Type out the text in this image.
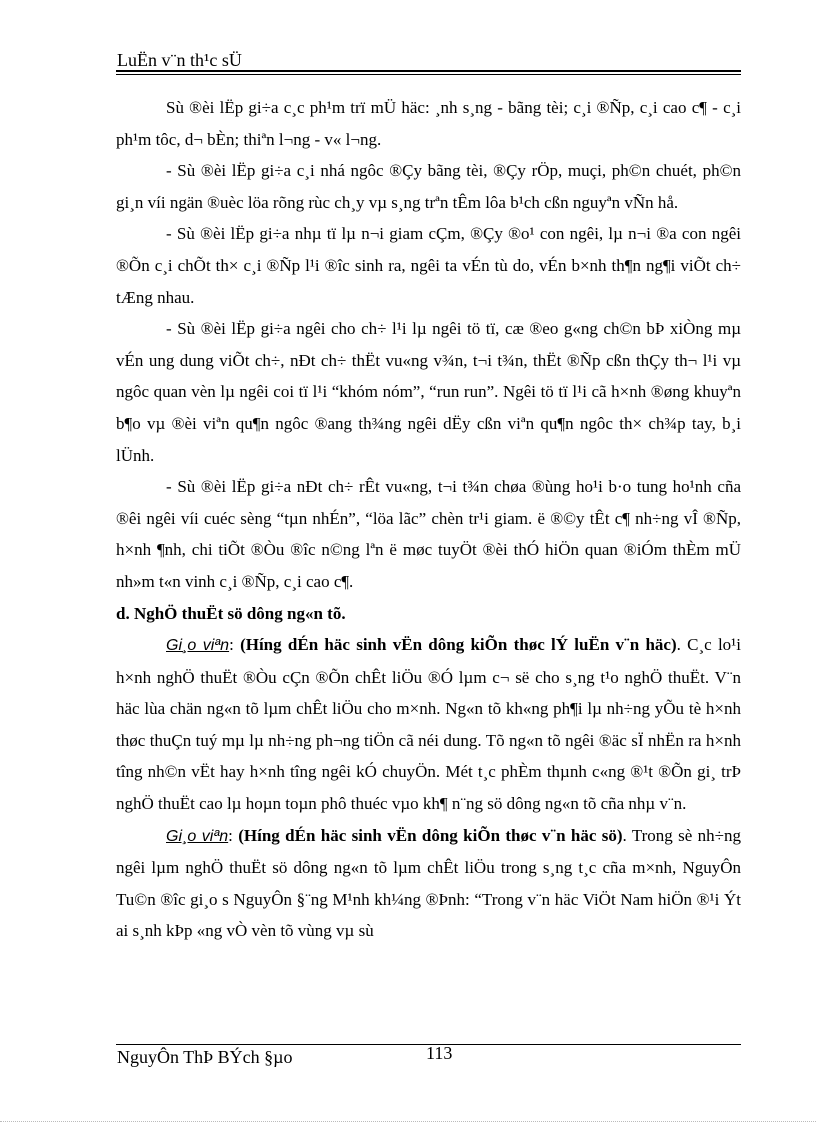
LuËn v¨n th¹c sÜ

Sù ®èi lËp gi÷a c¸c ph¹m trï mÜ häc: ¸nh s¸ng - bãng tèi; c¸i ®Ñp, c¸i cao c¶ - c¸i ph¹m tôc, d¬ bÈn; thiªn l¬ng - v« l¬ng.

- Sù ®èi lËp gi÷a c¸i nhá ngôc ®Çy bãng tèi, ®Çy rÖp, muçi, ph©n chuét, ph©n gi¸n víi ngän ®uèc löa rõng rùc ch¸y vµ s¸ng trªn tÊm lôa b¹ch cßn nguyªn vÑn hå.

- Sù ®èi lËp gi÷a nhµ tï lµ n¬i giam cÇm, ®Çy ®o¹ con ngêi, lµ n¬i ®a con ngêi ®Õn c¸i chÕt th× c¸i ®Ñp l¹i ®îc sinh ra, ngêi ta vÉn tù do, vÉn b×nh th¶n ng¶i viÕt ch÷ tÆng nhau.

- Sù ®èi lËp gi÷a ngêi cho ch÷ l¹i lµ ngêi tö tï, cæ ®eo g«ng ch©n bÞ xiÒng mµ vÉn ung dung viÕt ch÷, nÐt ch÷ thËt vu«ng v¾n, t¬i t¾n, thËt ®Ñp cßn thÇy th¬ l¹i vµ ngôc quan vèn lµ ngêi coi tï l¹i “khóm nóm”, “run run”. Ngêi tö tï l¹i cã h×nh ®øng khuyªn b¶o vµ ®èi viªn qu¶n ngôc ®ang th¾ng ngêi dËy cßn viªn qu¶n ngôc th× ch¾p tay, b¸i lÜnh.

- Sù ®èi lËp gi÷a nÐt ch÷ rÊt vu«ng, t¬i t¾n chøa ®ùng ho¹i b·o tung ho¹nh cña ®êi ngêi víi cuéc sèng “tµn nhÉn”, “löa lãc” chèn tr¹i giam. ë ®©y tÊt c¶ nh÷ng vÎ ®Ñp, h×nh ¶nh, chi tiÕt ®Òu ®îc n©ng lªn ë møc tuyÖt ®èi thÓ hiÖn quan ®iÓm thÈm mÜ nh»m t«n vinh c¸i ®Ñp, c¸i cao c¶.

d. NghÖ thuËt sö dông ng«n tõ.

Gi¸o viªn: (Híng dÉn häc sinh vËn dông kiÕn thøc lÝ luËn v¨n häc). C¸c lo¹i h×nh nghÖ thuËt ®Òu cÇn ®Õn chÊt liÖu ®Ó lµm c¬ së cho s¸ng t¹o nghÖ thuËt. V¨n häc lùa chän ng«n tõ lµm chÊt liÖu cho m×nh. Ng«n tõ kh«ng ph¶i lµ nh÷ng yÕu tè h×nh thøc thuÇn tuý mµ lµ nh÷ng ph¬ng tiÖn cã néi dung. Tõ ng«n tõ ngêi ®äc sÏ nhËn ra h×nh tîng nh©n vËt hay h×nh tîng ngêi kÓ chuyÖn. Mét t¸c phÈm thµnh c«ng ®¹t ®Õn gi¸ trÞ nghÖ thuËt cao lµ hoµn toµn phô thuéc vµo kh¶ n¨ng sö dông ng«n tõ cña nhµ v¨n.

Gi¸o viªn: (Híng dÉn häc sinh vËn dông kiÕn thøc v¨n häc sö). Trong sè nh÷ng ngêi lµm nghÖ thuËt sö dông ng«n tõ lµm chÊt liÖu trong s¸ng t¸c cña m×nh, NguyÔn Tu©n ®îc gi¸o s NguyÔn §¨ng M¹nh kh¼ng ®Þnh: “Trong v¨n häc ViÖt Nam hiÖn ®¹i Ýt ai s¸nh kÞp «ng vÒ vèn tõ vùng vµ sù

NguyÔn ThÞ BÝch §µo	113
